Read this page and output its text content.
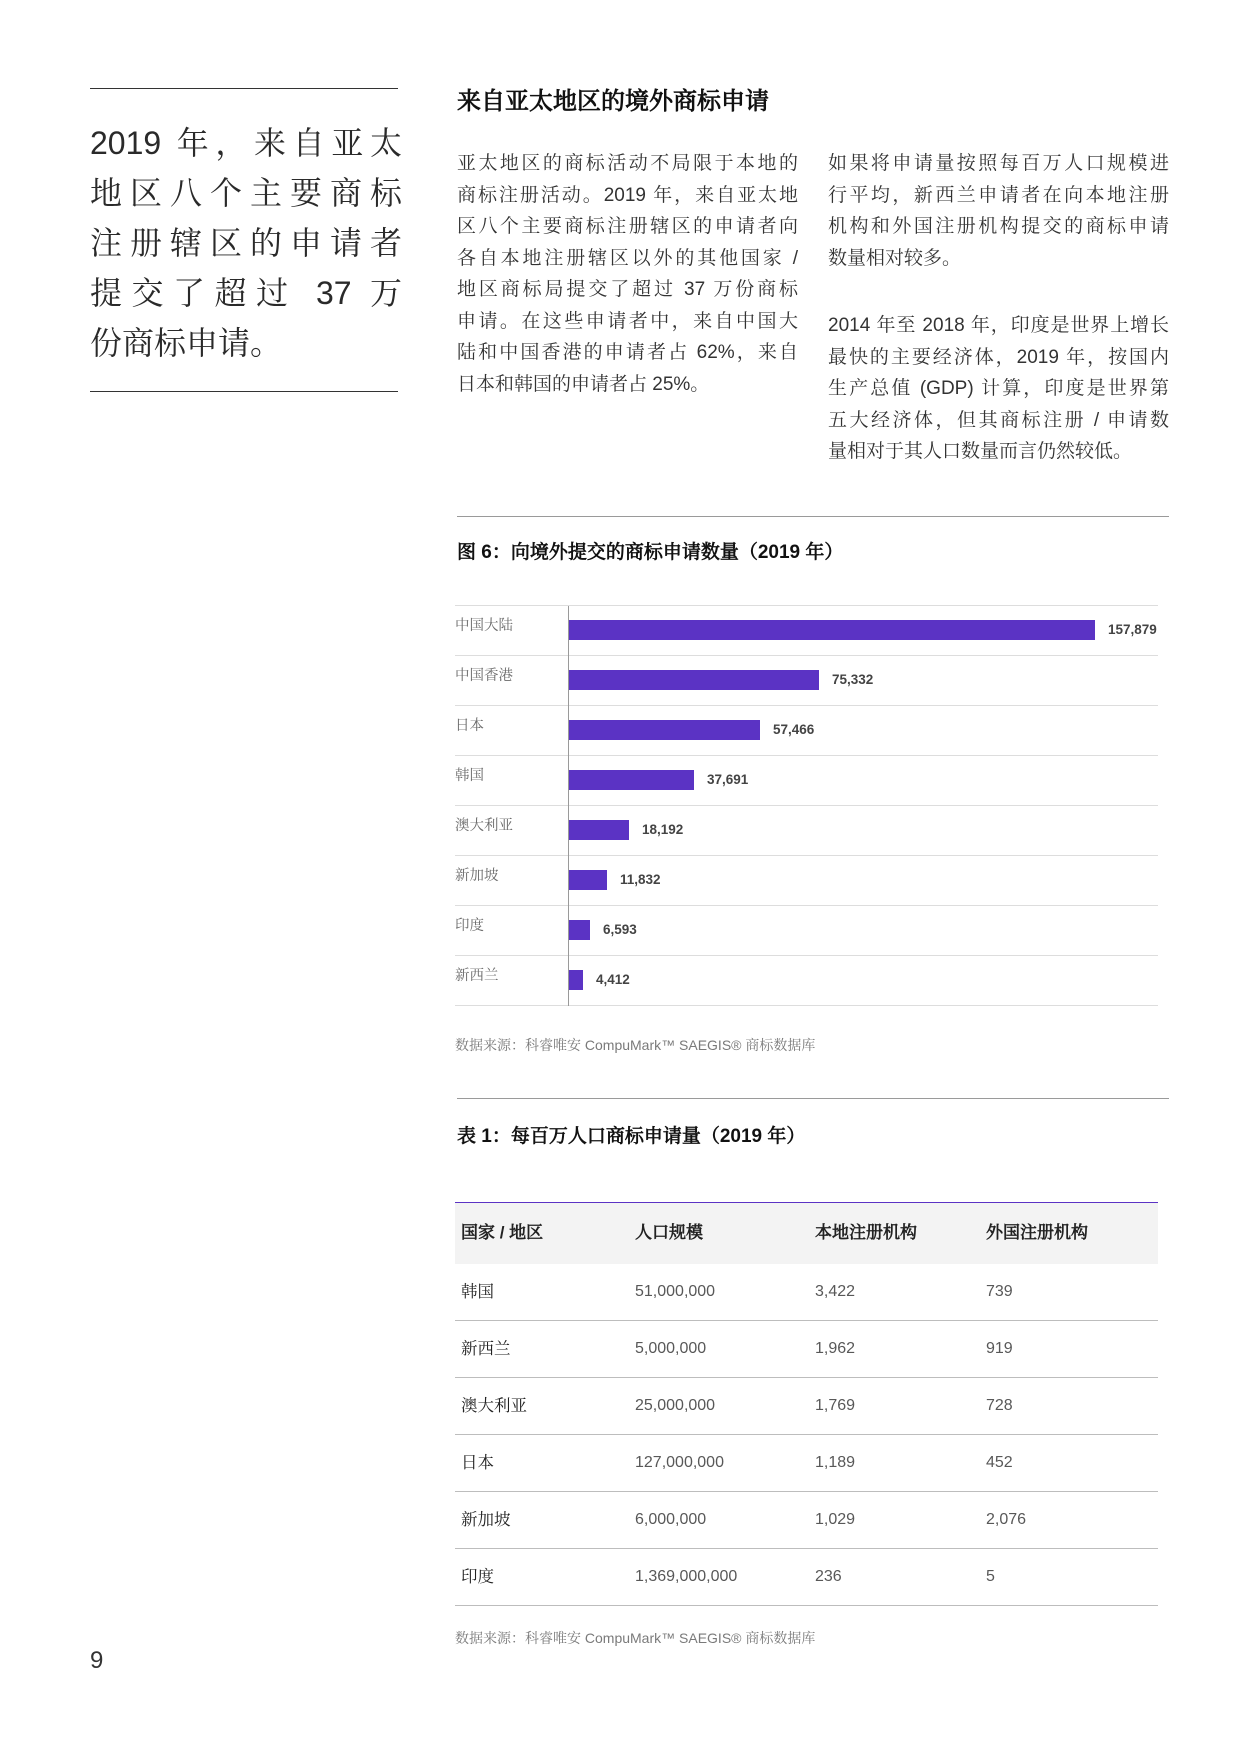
2019 年，来自亚太
地区八个主要商标
注册辖区的申请者
提交了超过 37 万
份商标申请。
来自亚太地区的境外商标申请
亚太地区的商标活动不局限于本地的
商标注册活动。2019 年，来自亚太地
区八个主要商标注册辖区的申请者向
各自本地注册辖区以外的其他国家 /
地区商标局提交了超过 37 万份商标
申请。在这些申请者中，来自中国大
陆和中国香港的申请者占 62%，来自
日本和韩国的申请者占 25%。
如果将申请量按照每百万人口规模进
行平均，新西兰申请者在向本地注册
机构和外国注册机构提交的商标申请
数量相对较多。
2014 年至 2018 年，印度是世界上增长
最快的主要经济体，2019 年，按国内
生产总值 (GDP) 计算，印度是世界第
五大经济体，但其商标注册 / 申请数
量相对于其人口数量而言仍然较低。
图 6：向境外提交的商标申请数量（2019 年）
中国大陆	157,879
中国香港	75,332
日本	57,466
韩国	37,691
澳大利亚	18,192
新加坡	11,832
印度	6,593
新西兰	4,412
数据来源：科睿唯安 CompuMark™ SAEGIS® 商标数据库
表 1：每百万人口商标申请量（2019 年）
国家 / 地区	人口规模	本地注册机构	外国注册机构
韩国	51,000,000	3,422	739
新西兰	5,000,000	1,962	919
澳大利亚	25,000,000	1,769	728
日本	127,000,000	1,189	452
新加坡	6,000,000	1,029	2,076
印度	1,369,000,000	236	5
数据来源：科睿唯安 CompuMark™ SAEGIS® 商标数据库
9
